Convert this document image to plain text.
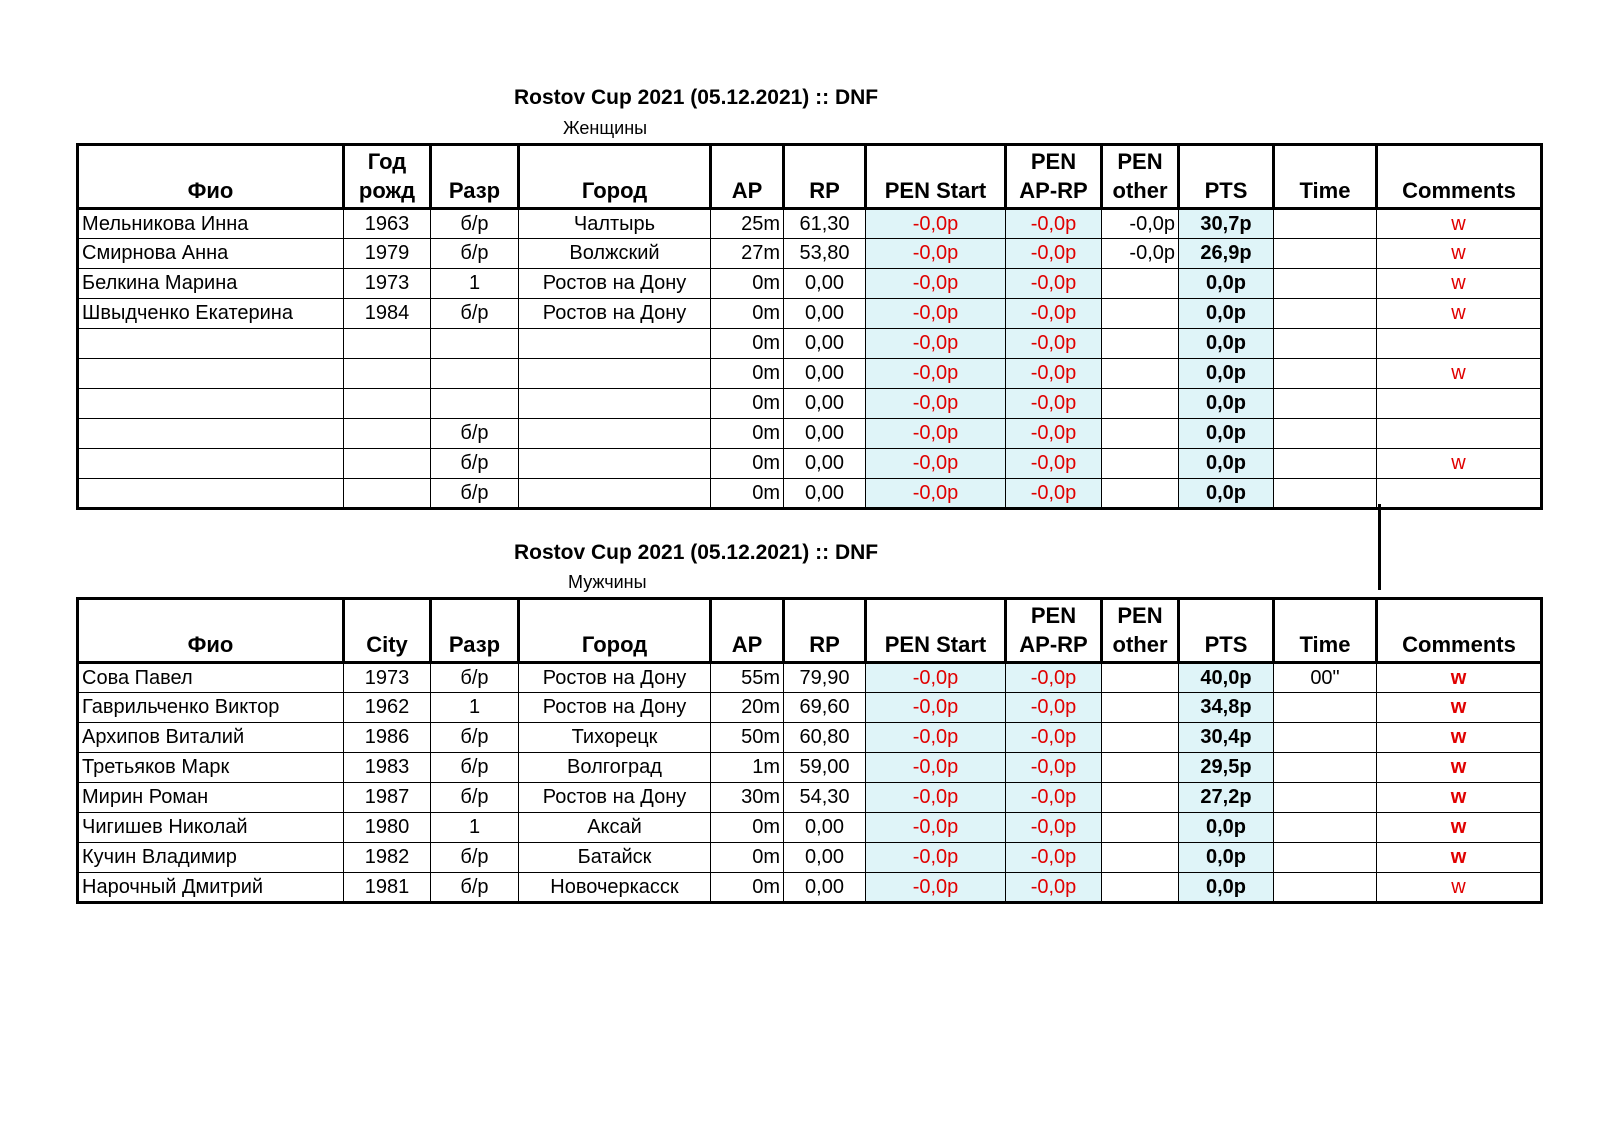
Rostov Cup 2021 (05.12.2021) :: DNF
Женщины
Фио	Год рожд	Разр	Город	AP	RP	PEN Start	PEN AP-RP	PEN other	PTS	Time	Comments
Мельникова Инна	1963	б/р	Чалтырь	25m	61,30	-0,0р	-0,0р	-0,0р	30,7р		w
Смирнова Анна	1979	б/р	Волжский	27m	53,80	-0,0р	-0,0р	-0,0р	26,9р		w
Белкина Марина	1973	1	Ростов на Дону	0m	0,00	-0,0р	-0,0р		0,0р		w
Швыдченко Екатерина	1984	б/р	Ростов на Дону	0m	0,00	-0,0р	-0,0р		0,0р		w
				0m	0,00	-0,0р	-0,0р		0,0р		
				0m	0,00	-0,0р	-0,0р		0,0р		w
				0m	0,00	-0,0р	-0,0р		0,0р		
		б/р		0m	0,00	-0,0р	-0,0р		0,0р		
		б/р		0m	0,00	-0,0р	-0,0р		0,0р		w
		б/р		0m	0,00	-0,0р	-0,0р		0,0р		
Rostov Cup 2021 (05.12.2021) :: DNF
Мужчины
Фио	City	Разр	Город	AP	RP	PEN Start	PEN AP-RP	PEN other	PTS	Time	Comments
Сова Павел	1973	б/р	Ростов на Дону	55m	79,90	-0,0р	-0,0р		40,0р	00"	w
Гаврильченко Виктор	1962	1	Ростов на Дону	20m	69,60	-0,0р	-0,0р		34,8р		w
Архипов Виталий	1986	б/р	Тихорецк	50m	60,80	-0,0р	-0,0р		30,4р		w
Третьяков Марк	1983	б/р	Волгоград	1m	59,00	-0,0р	-0,0р		29,5р		w
Мирин Роман	1987	б/р	Ростов на Дону	30m	54,30	-0,0р	-0,0р		27,2р		w
Чигишев Николай	1980	1	Аксай	0m	0,00	-0,0р	-0,0р		0,0р		w
Кучин Владимир	1982	б/р	Батайск	0m	0,00	-0,0р	-0,0р		0,0р		w
Нарочный Дмитрий	1981	б/р	Новочеркасск	0m	0,00	-0,0р	-0,0р		0,0р		w
